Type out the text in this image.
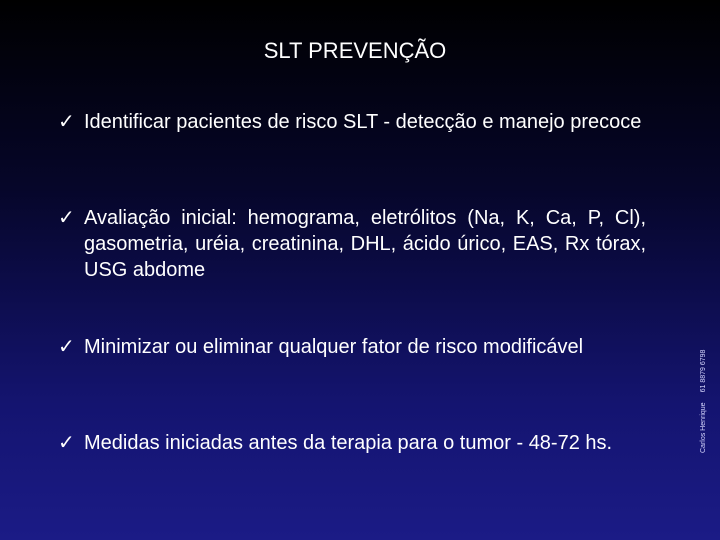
SLT PREVENÇÃO
✓ Identificar pacientes de risco SLT - detecção e manejo precoce
✓ Avaliação inicial: hemograma, eletrólitos (Na, K, Ca, P, Cl), gasometria, uréia, creatinina, DHL, ácido úrico, EAS, Rx tórax, USG abdome
✓ Minimizar ou eliminar qualquer fator de risco modificável
✓ Medidas iniciadas antes da terapia para o tumor - 48-72 hs.	Carlos Henrique61 8879 6798
